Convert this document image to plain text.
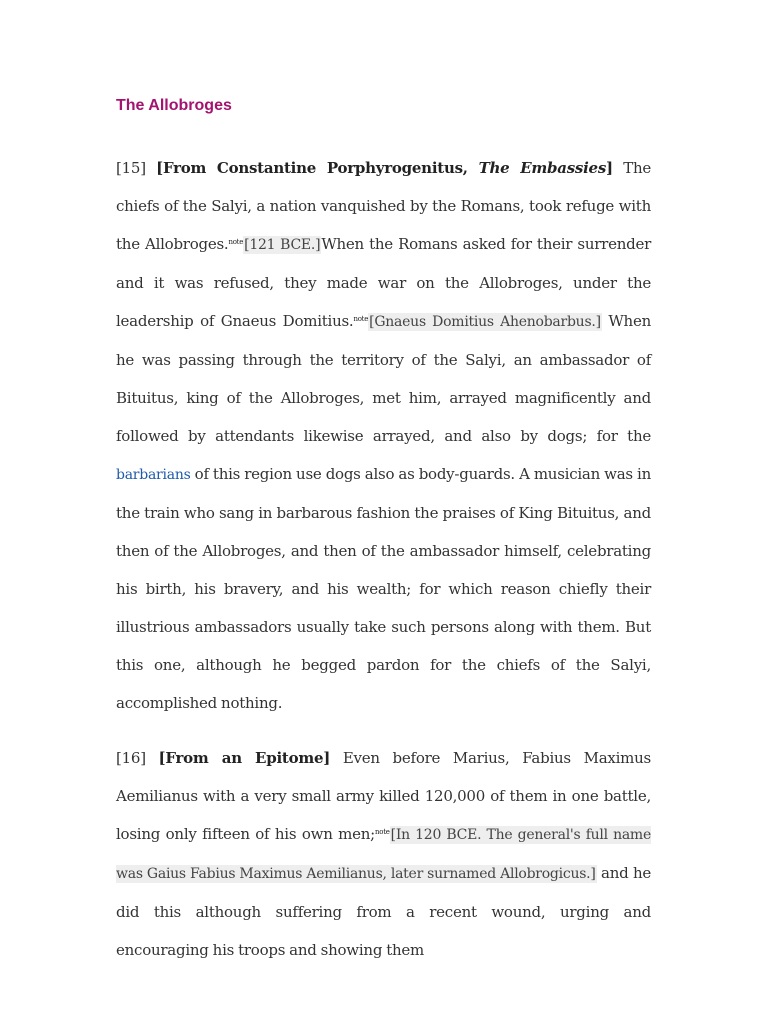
The Allobroges

[15] [From Constantine Porphyrogenitus, The Embassies] The chiefs of the Salyi, a nation vanquished by the Romans, took refuge with the Allobroges.$^{note}$[121 BCE.]When the Romans asked for their surrender and it was refused, they made war on the Allobroges, under the leadership of Gnaeus Domitius.$^{note}$[Gnaeus Domitius Ahenobarbus.] When he was passing through the territory of the Salyi, an ambassador of Bituitus, king of the Allobroges, met him, arrayed magnificently and followed by attendants likewise arrayed, and also by dogs; for the barbarians of this region use dogs also as body-guards. A musician was in the train who sang in barbarous fashion the praises of King Bituitus, and then of the Allobroges, and then of the ambassador himself, celebrating his birth, his bravery, and his wealth; for which reason chiefly their illustrious ambassadors usually take such persons along with them. But this one, although he begged pardon for the chiefs of the Salyi, accomplished nothing.

[16] [From an Epitome] Even before Marius, Fabius Maximus Aemilianus with a very small army killed 120,000 of them in one battle, losing only fifteen of his own men;$^{note}$[In 120 BCE. The general's full name was Gaius Fabius Maximus Aemilianus, later surnamed Allobrogicus.] and he did this although suffering from a recent wound, urging and encouraging his troops and showing them
